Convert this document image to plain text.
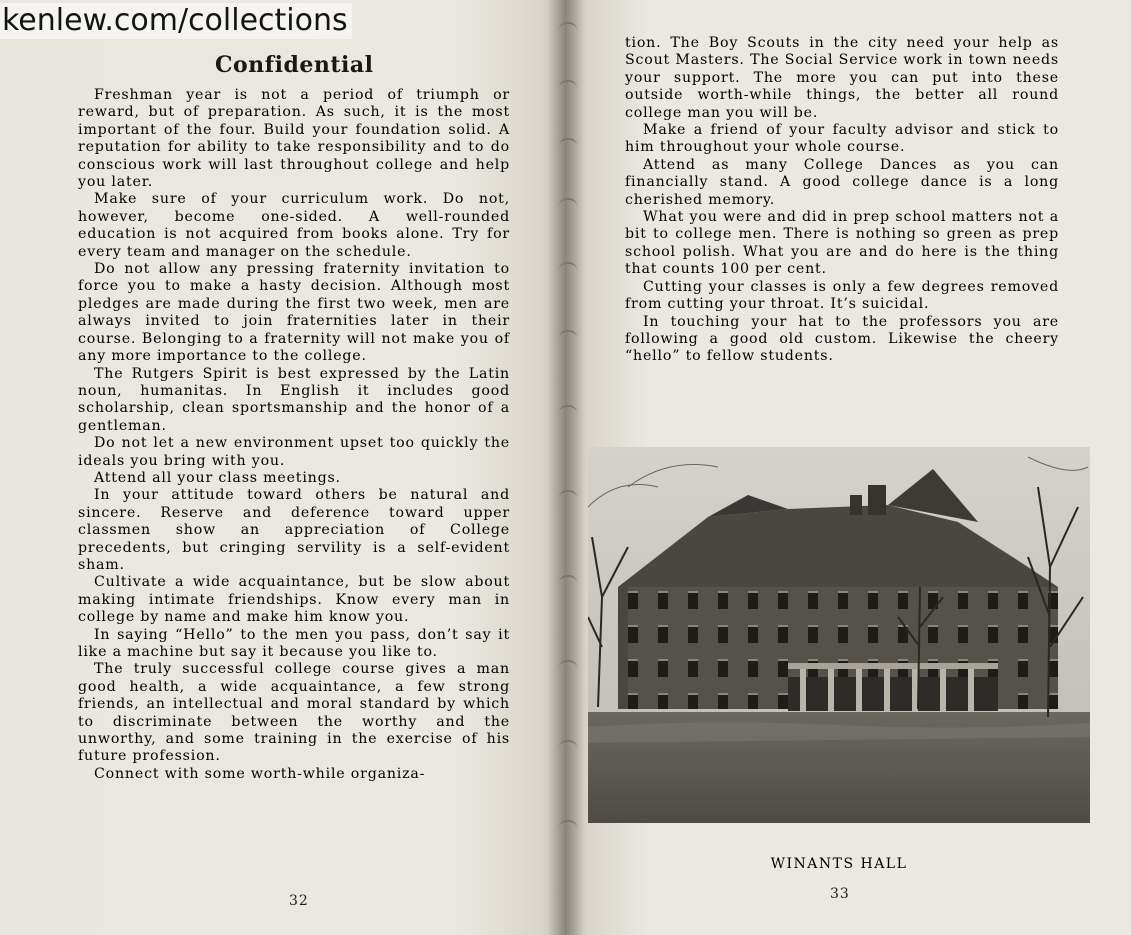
kenlew.com/collections
Confidential

Freshman year is not a period of triumph or reward, but of preparation. As such, it is the most important of the four. Build your foundation solid. A reputation for ability to take responsibility and to do conscious work will last throughout college and help you later.

Make sure of your curriculum work. Do not, however, become one-sided. A well-rounded education is not acquired from books alone. Try for every team and manager on the schedule.

Do not allow any pressing fraternity invitation to force you to make a hasty decision. Although most pledges are made during the first two week, men are always invited to join fraternities later in their course. Belonging to a fraternity will not make you of any more importance to the college.

The Rutgers Spirit is best expressed by the Latin noun, humanitas. In English it includes good scholarship, clean sportsmanship and the honor of a gentleman.

Do not let a new environment upset too quickly the ideals you bring with you.

Attend all your class meetings.

In your attitude toward others be natural and sincere. Reserve and deference toward upper classmen show an appreciation of College precedents, but cringing servility is a self-evident sham.

Cultivate a wide acquaintance, but be slow about making intimate friendships. Know every man in college by name and make him know you.

In saying “Hello” to the men you pass, don’t say it like a machine but say it because you like to.

The truly successful college course gives a man good health, a wide acquaintance, a few strong friends, an intellectual and moral standard by which to discriminate between the worthy and the unworthy, and some training in the exercise of his future profession.

Connect with some worth-while organiza-

32

tion. The Boy Scouts in the city need your help as Scout Masters. The Social Service work in town needs your support. The more you can put into these outside worth-while things, the better all round college man you will be.

Make a friend of your faculty advisor and stick to him throughout your whole course.

Attend as many College Dances as you can financially stand. A good college dance is a long cherished memory.

What you were and did in prep school matters not a bit to college men. There is nothing so green as prep school polish. What you are and do here is the thing that counts 100 per cent.

Cutting your classes is only a few degrees removed from cutting your throat. It’s suicidal.

In touching your hat to the professors you are following a good old custom. Likewise the cheery “hello” to fellow students.

WINANTS HALL
33
